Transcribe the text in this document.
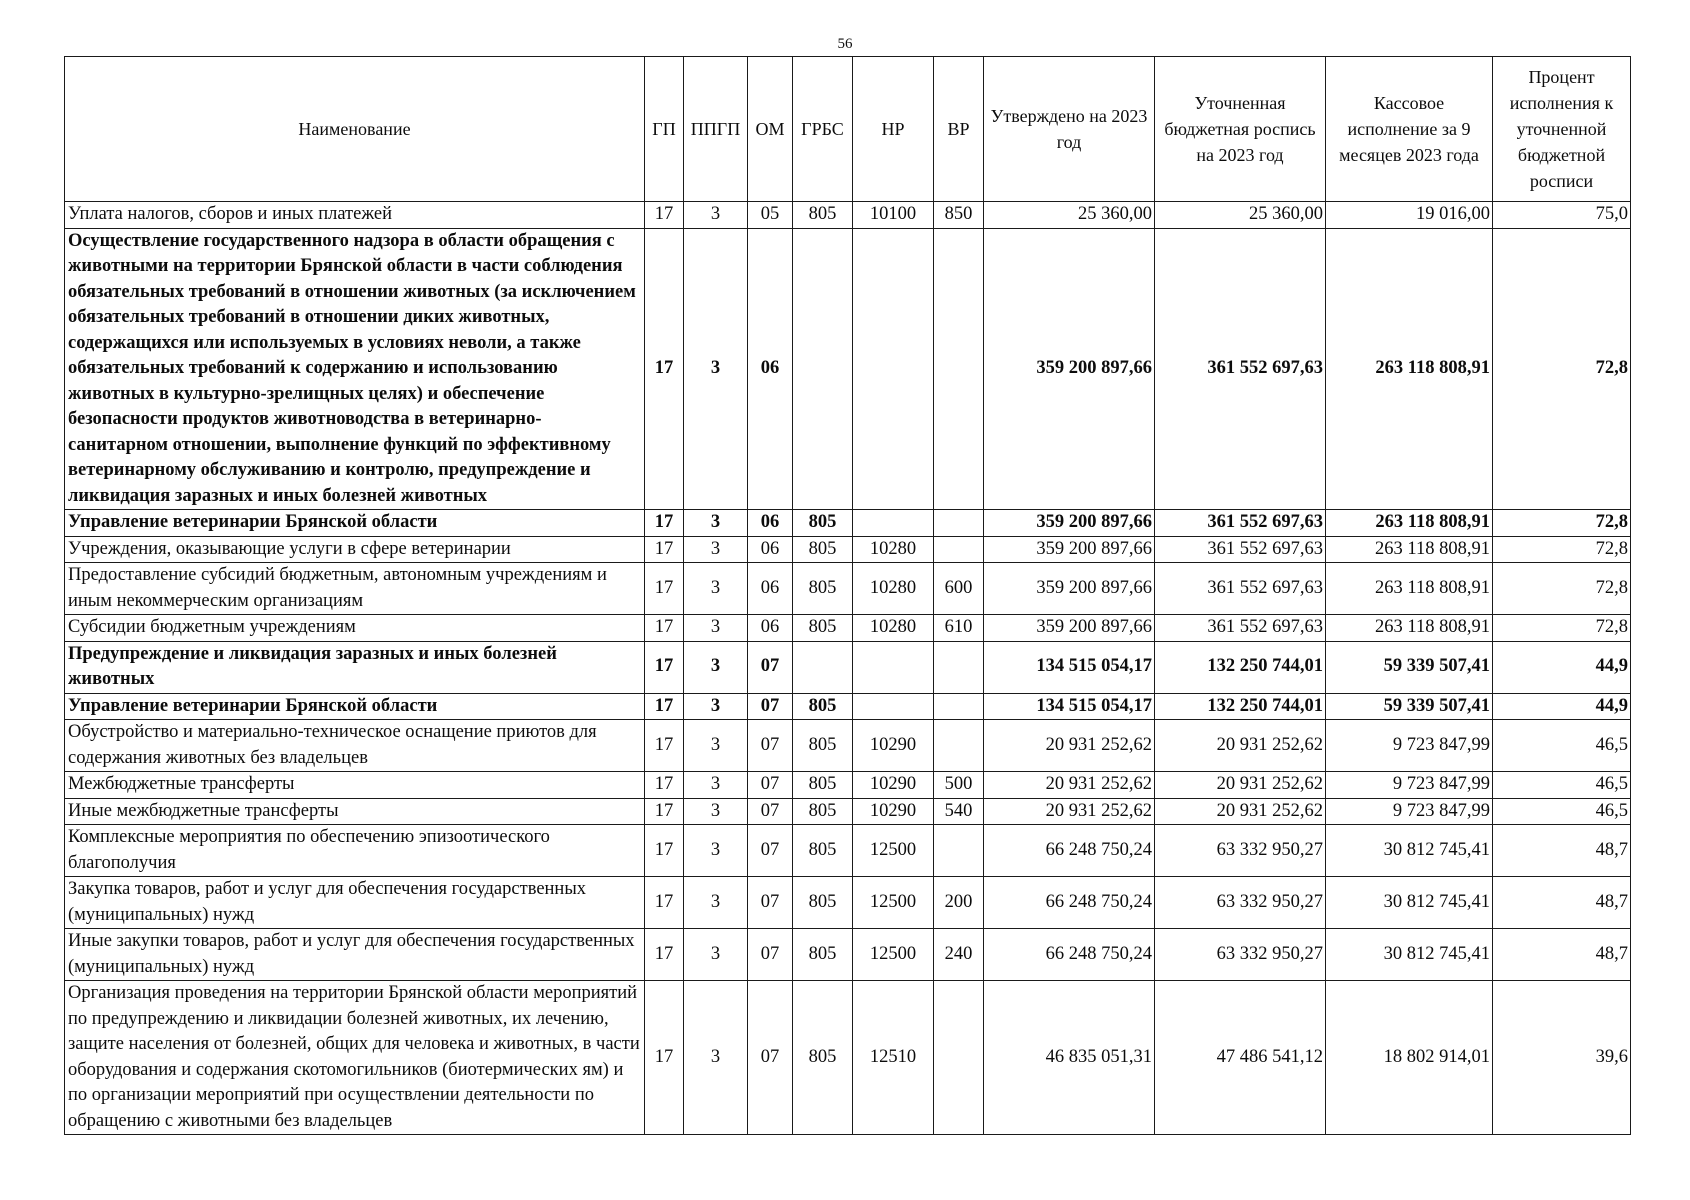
56
Наименование	ГП	ППГП	ОМ	ГРБС	НР	ВР	Утверждено на 2023 год	Уточненная бюджетная роспись на 2023 год	Кассовое исполнение за 9 месяцев 2023 года	Процент исполнения к уточненной бюджетной росписи
Уплата налогов, сборов и иных платежей	17	3	05	805	10100	850	25 360,00	25 360,00	19 016,00	75,0
Осуществление государственного надзора в области обращения с животными на территории Брянской области в части соблюдения обязательных требований в отношении животных (за исключением обязательных требований в отношении диких животных, содержащихся или используемых в условиях неволи, а также обязательных требований к содержанию и использованию животных в культурно-зрелищных целях) и обеспечение безопасности продуктов животноводства в ветеринарно-санитарном отношении, выполнение функций по эффективному ветеринарному обслуживанию и контролю, предупреждение и ликвидация заразных и иных болезней животных	17	3	06				359 200 897,66	361 552 697,63	263 118 808,91	72,8
Управление ветеринарии Брянской области	17	3	06	805			359 200 897,66	361 552 697,63	263 118 808,91	72,8
Учреждения, оказывающие услуги в сфере ветеринарии	17	3	06	805	10280		359 200 897,66	361 552 697,63	263 118 808,91	72,8
Предоставление субсидий бюджетным, автономным учреждениям и иным некоммерческим организациям	17	3	06	805	10280	600	359 200 897,66	361 552 697,63	263 118 808,91	72,8
Субсидии бюджетным учреждениям	17	3	06	805	10280	610	359 200 897,66	361 552 697,63	263 118 808,91	72,8
Предупреждение и ликвидация заразных и иных болезней животных	17	3	07				134 515 054,17	132 250 744,01	59 339 507,41	44,9
Управление ветеринарии Брянской области	17	3	07	805			134 515 054,17	132 250 744,01	59 339 507,41	44,9
Обустройство и материально-техническое оснащение приютов для содержания животных без владельцев	17	3	07	805	10290		20 931 252,62	20 931 252,62	9 723 847,99	46,5
Межбюджетные трансферты	17	3	07	805	10290	500	20 931 252,62	20 931 252,62	9 723 847,99	46,5
Иные межбюджетные трансферты	17	3	07	805	10290	540	20 931 252,62	20 931 252,62	9 723 847,99	46,5
Комплексные мероприятия по обеспечению эпизоотического благополучия	17	3	07	805	12500		66 248 750,24	63 332 950,27	30 812 745,41	48,7
Закупка товаров, работ и услуг для обеспечения государственных (муниципальных) нужд	17	3	07	805	12500	200	66 248 750,24	63 332 950,27	30 812 745,41	48,7
Иные закупки товаров, работ и услуг для обеспечения государственных (муниципальных) нужд	17	3	07	805	12500	240	66 248 750,24	63 332 950,27	30 812 745,41	48,7
Организация проведения на территории Брянской области мероприятий по предупреждению и ликвидации болезней животных, их лечению, защите населения от болезней, общих для человека и животных, в части оборудования и содержания скотомогильников (биотермических ям) и по организации мероприятий при осуществлении деятельности по обращению с животными без владельцев	17	3	07	805	12510		46 835 051,31	47 486 541,12	18 802 914,01	39,6
